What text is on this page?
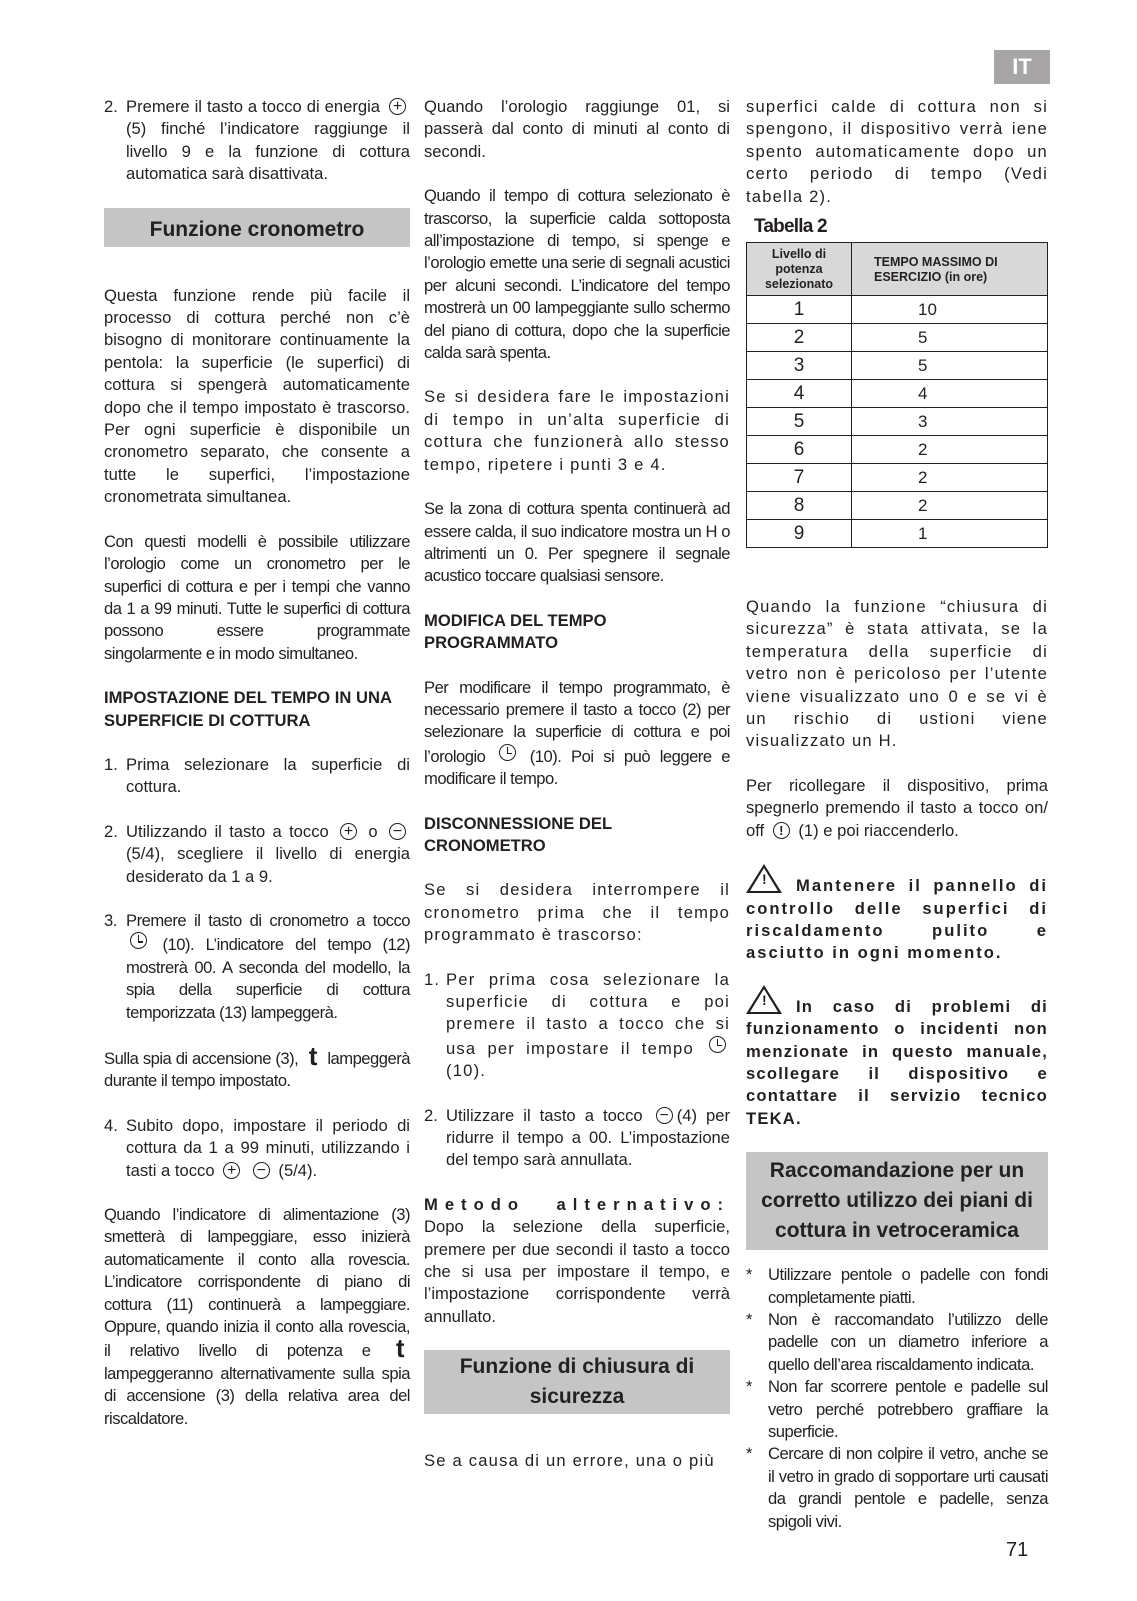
IT
2. Premere il tasto a tocco di energia +(5) finché l’indicatore raggiunge il livello 9 e la funzione di cottura automatica sarà disattivata.
Funzione cronometro

Questa funzione rende più facile il processo di cottura perché non c’è bisogno di monitorare continuamente la pentola: la superficie (le superfici) di cottura si spengerà automaticamente dopo che il tempo impostato è trascorso. Per ogni superficie è disponibile un cronometro separato, che consente a tutte le superfici, l’impostazione cronometrata simultanea.

Con questi modelli è possibile utilizzare l’orologio come un cronometro per le superfici di cottura e per i tempi che vanno da 1 a 99 minuti. Tutte le superfici di cottura possono essere programmate singolarmente e in modo simultaneo.

IMPOSTAZIONE DEL TEMPO IN UNA SUPERFICIE DI COTTURA
1. Prima selezionare la superficie di cottura.
2. Utilizzando il tasto a tocco + o − (5/4), scegliere il livello di energia desiderato da 1 a 9.
3. Premere il tasto di cronometro a tocco  (10). L’indicatore del tempo (12) mostrerà 00. A seconda del modello, la spia della superficie di cottura temporizzata (13) lampeggerà.

Sulla spia di accensione (3), t lampeggerà durante il tempo impostato.

4. Subito dopo, impostare il periodo di cottura da 1 a 99 minuti, utilizzando i tasti a tocco + − (5/4).

Quando l’indicatore di alimentazione (3) smetterà di lampeggiare, esso inizierà automaticamente il conto alla rovescia. L’indicatore corrispondente di piano di cottura (11) continuerà a lampeggiare. Oppure, quando inizia il conto alla rovescia, il relativo livello di potenza e t lampeggeranno alternativamente sulla spia di accensione (3) della relativa area del riscaldatore.

Quando l’orologio raggiunge 01, si passerà dal conto di minuti al conto di secondi.

Quando il tempo di cottura selezionato è trascorso, la superficie calda sottoposta all’impostazione di tempo, si spenge e l’orologio emette una serie di segnali acustici per alcuni secondi. L’indicatore del tempo mostrerà un 00 lampeggiante sullo schermo del piano di cottura, dopo che la superficie calda sarà spenta.

Se si desidera fare le impostazioni di tempo in un’alta superficie di cottura che funzionerà allo stesso tempo, ripetere i punti 3 e 4.

Se la zona di cottura spenta continuerà ad essere calda, il suo indicatore mostra un H o altrimenti un 0. Per spegnere il segnale acustico toccare qualsiasi sensore.

MODIFICA DEL TEMPO PROGRAMMATO

Per modificare il tempo programmato, è necessario premere il tasto a tocco (2) per selezionare la superficie di cottura e poi l’orologio	(10). Poi si può leggere e modificare il tempo.

DISCONNESSIONE DEL CRONOMETRO

Se si desidera interrompere il cronometro prima che il tempo programmato è trascorso:

1. Per prima cosa selezionare la superficie di cottura e poi premere il tasto a tocco che si usa per impostare il tempo  (10).
2. Utilizzare il tasto a tocco − (4) per ridurre il tempo a 00. L’impostazione del tempo sarà annullata.

Metodo alternativo: Dopo la selezione della superficie, premere per due secondi il tasto a tocco che si usa per impostare il tempo, e l’impostazione corrispondente verrà annullato.

Funzione di chiusura di sicurezza

Se a causa di un errore, una o più

superfici calde di cottura non si spengono, il dispositivo verrà iene spento automaticamente dopo un certo periodo di tempo (Vedi tabella 2).

Tabella 2
Livello di potenza selezionato	TEMPO MASSIMO DI ESERCIZIO (in ore)
1	10
2	5
3	5
4	4
5	3
6	2
7	2
8	2
9	1

Quando la funzione “chiusura di sicurezza” è stata attivata, se la temperatura della superficie di vetro non è pericoloso per l’utente viene visualizzato uno 0 e se vi è un rischio di ustioni viene visualizzato un H.

Per ricollegare il dispositivo, prima spegnerlo premendo il tasto a tocco on/ off ! (1) e poi riaccenderlo.

! Mantenere il pannello di controllo delle superfici di riscaldamento pulito e asciutto in ogni momento.
! In caso di problemi di funzionamento o incidenti non menzionate in questo manuale, scollegare il dispositivo e contattare il servizio tecnico TEKA.
Raccomandazione per un corretto utilizzo dei piani di cottura in vetroceramica
* Utilizzare pentole o padelle con fondi completamente piatti.
* Non è raccomandato l’utilizzo delle padelle con un diametro inferiore a quello dell’area riscaldamento indicata.
* Non far scorrere pentole e padelle sul vetro perché potrebbero graffiare la superficie.
* Cercare di non colpire il vetro, anche se il vetro in grado di sopportare urti causati da grandi pentole e padelle, senza spigoli vivi.
71
